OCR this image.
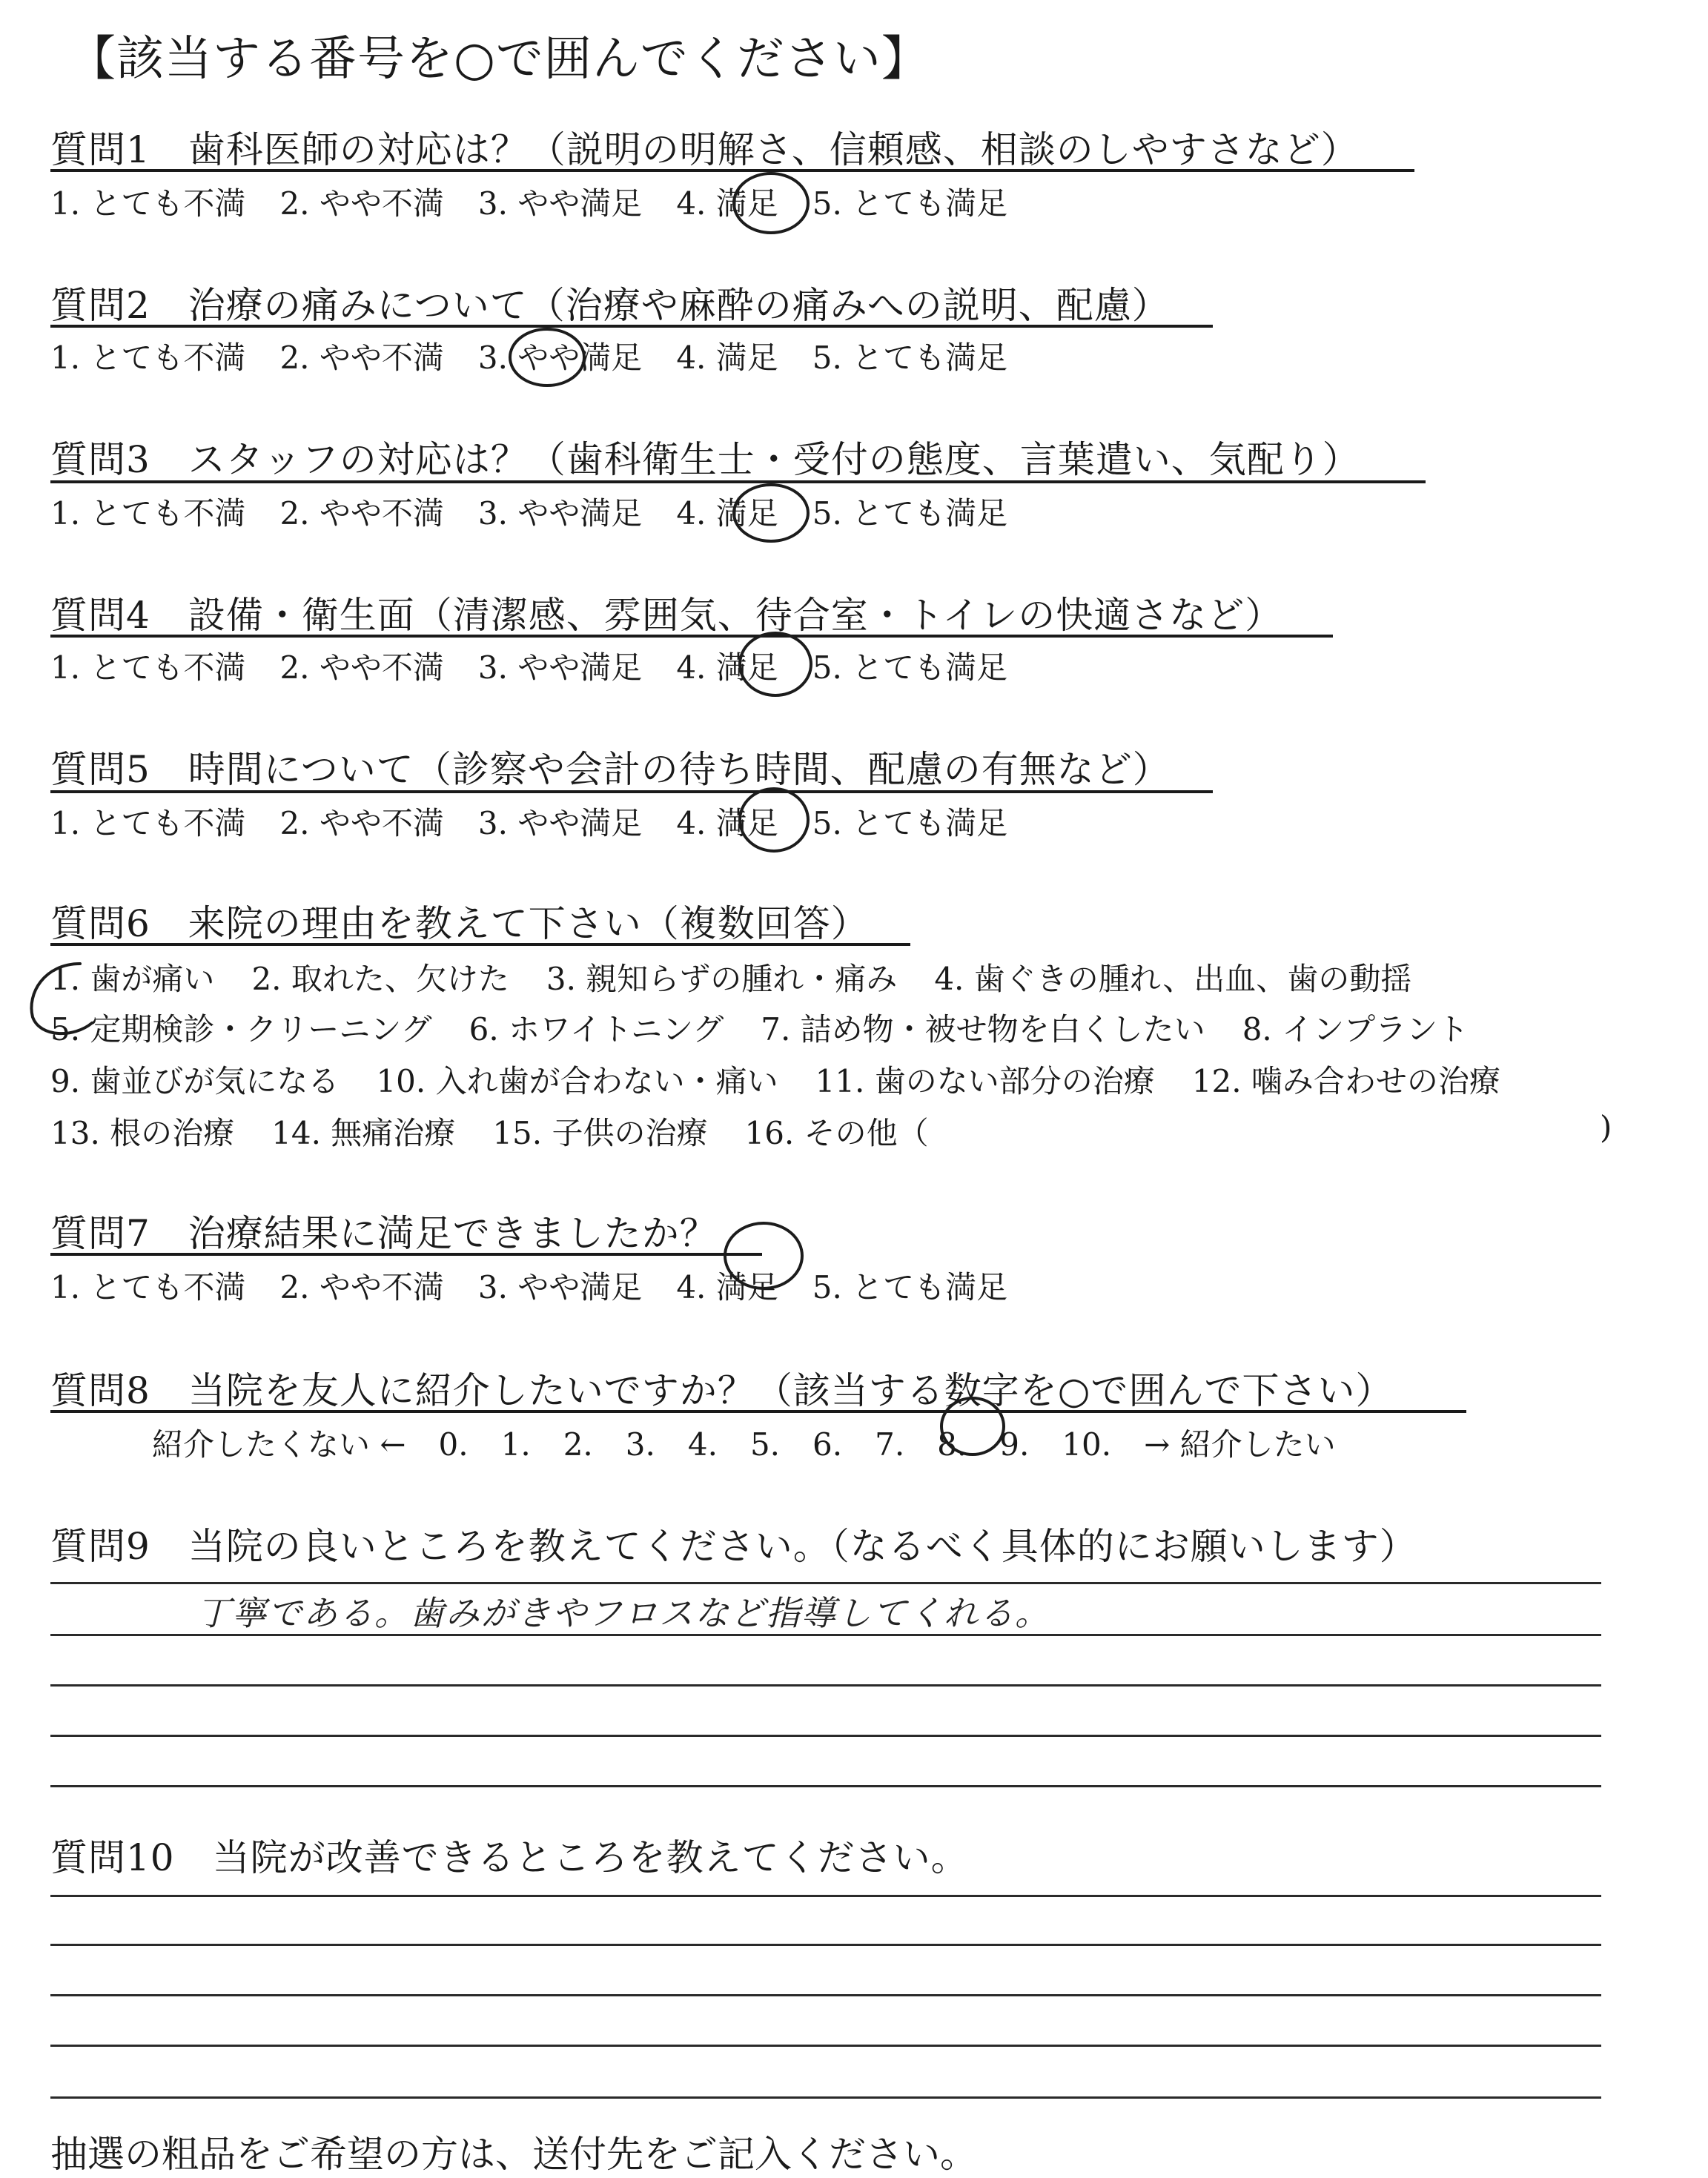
【該当する番号を○で囲んでください】
質問1　歯科医師の対応は？（説明の明解さ、信頼感、相談のしやすさなど）
1. とても不満 2. やや不満 3. やや満足 4. 満足 5. とても満足
質問2　治療の痛みについて（治療や麻酔の痛みへの説明、配慮）
1. とても不満 2. やや不満 3. やや満足 4. 満足 5. とても満足
質問3　スタッフの対応は？（歯科衛生士・受付の態度、言葉遣い、気配り）
1. とても不満 2. やや不満 3. やや満足 4. 満足 5. とても満足
質問4　設備・衛生面（清潔感、雰囲気、待合室・トイレの快適さなど）
1. とても不満 2. やや不満 3. やや満足 4. 満足 5. とても満足
質問5　時間について（診察や会計の待ち時間、配慮の有無など）
1. とても不満 2. やや不満 3. やや満足 4. 満足 5. とても満足
質問6　来院の理由を教えて下さい（複数回答）
1. 歯が痛い 2. 取れた、欠けた 3. 親知らずの腫れ・痛み 4. 歯ぐきの腫れ、出血、歯の動揺
5. 定期検診・クリーニング 6. ホワイトニング 7. 詰め物・被せ物を白くしたい 8. インプラント
9. 歯並びが気になる 10. 入れ歯が合わない・痛い 11. 歯のない部分の治療 12. 噛み合わせの治療
13. 根の治療 14. 無痛治療 15. 子供の治療 16. その他（	)
質問7　治療結果に満足できましたか？
1. とても不満 2. やや不満 3. やや満足 4. 満足 5. とても満足
質問8　当院を友人に紹介したいですか？（該当する数字を○で囲んで下さい）
紹介したくない ← 0. 1. 2. 3. 4. 5. 6. 7. 8. 9. 10. → 紹介したい
質問9　当院の良いところを教えてください。（なるべく具体的にお願いします）
丁寧である。歯みがきやフロスなど指導してくれる。
質問10　当院が改善できるところを教えてください。
抽選の粗品をご希望の方は、送付先をご記入ください。
